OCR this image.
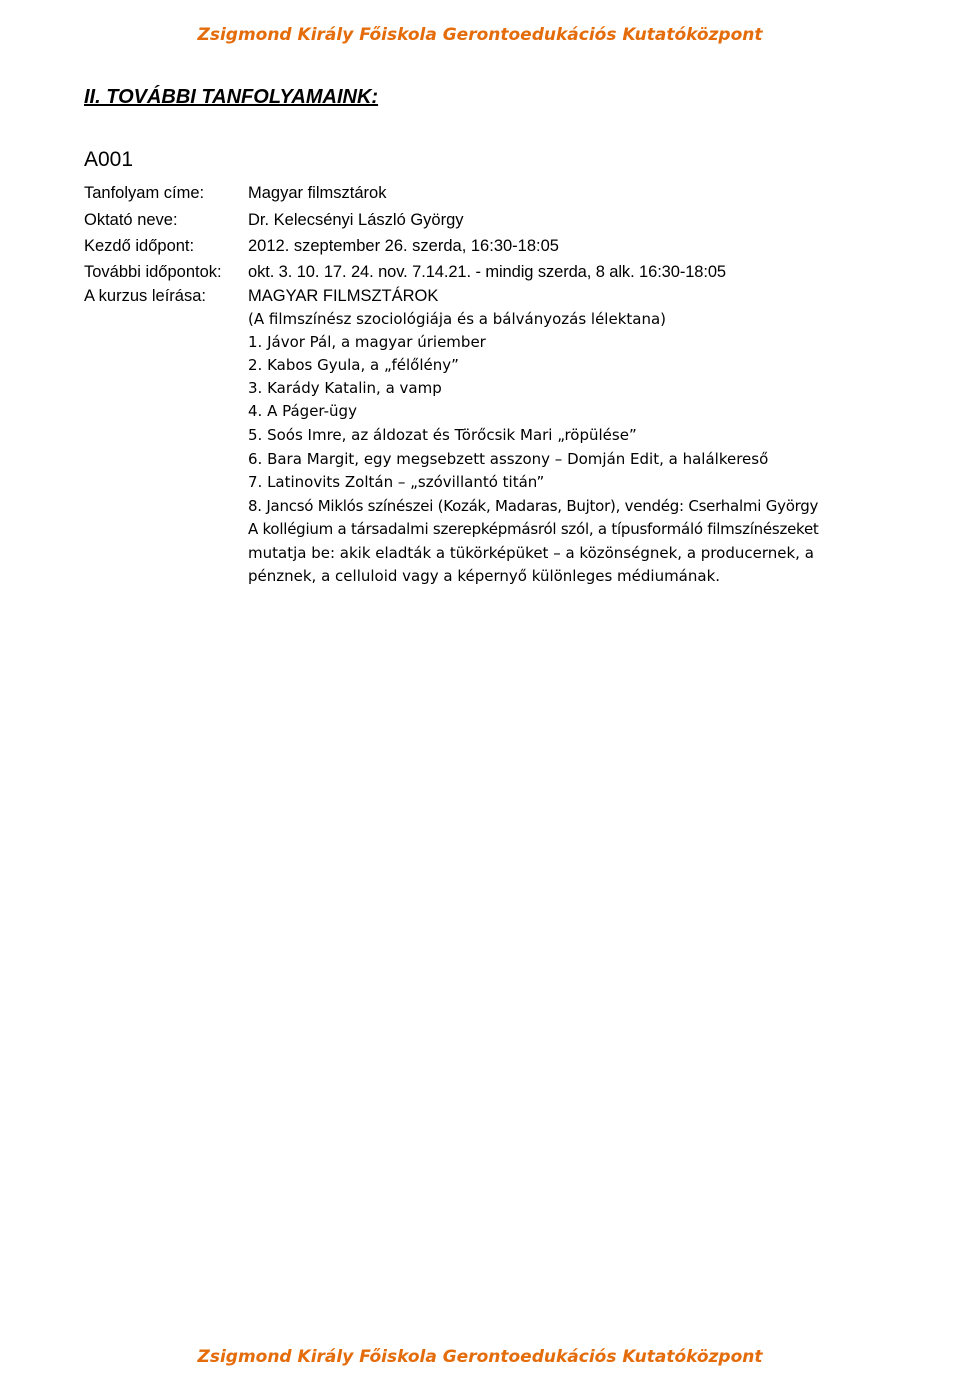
Zsigmond Király Főiskola Gerontoedukációs Kutatóközpont
II. TOVÁBBI TANFOLYAMAINK:
A001
Tanfolyam címe:	Magyar filmsztárok
Oktató neve:	Dr. Kelecsényi László György
Kezdő időpont:	2012. szeptember 26. szerda, 16:30-18:05
További időpontok: okt. 3. 10. 17. 24. nov. 7.14.21. - mindig szerda, 8 alk. 16:30-18:05
A kurzus leírása:	MAGYAR FILMSZTÁROK
(A filmszínész szociológiája és a bálványozás lélektana)
1. Jávor Pál, a magyar úriember
2. Kabos Gyula, a „félőlény”
3. Karády Katalin, a vamp
4. A Páger-ügy
5. Soós Imre, az áldozat és Törőcsik Mari „röpülése”
6. Bara Margit, egy megsebzett asszony – Domján Edit, a halálkereső
7. Latinovits Zoltán – „szóvillantó titán”
8. Jancsó Miklós színészei (Kozák, Madaras, Bujtor), vendég: Cserhalmi György
A kollégium a társadalmi szerepképmásról szól, a típusformáló filmszínészeket
mutatja be: akik eladták a tükörképüket – a közönségnek, a producernek, a
pénznek, a celluloid vagy a képernyő különleges médiumának.
Zsigmond Király Főiskola Gerontoedukációs Kutatóközpont
